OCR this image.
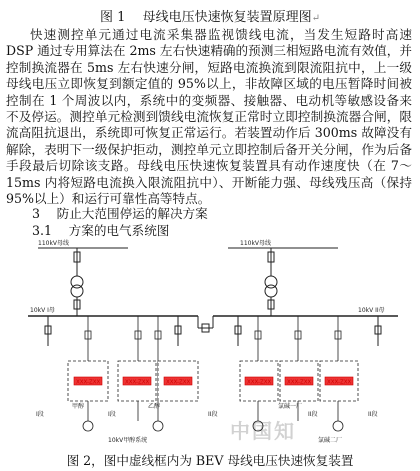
图 1　 母线电压快速恢复装置原理图↵

快速测控单元通过电流采集器监视馈线电流，当发生短路时高速 DSP 通过专用算法在 2ms 左右快速精确的预测三相短路电流有效值，并控制换流器在 5ms 左右快速分闸，短路电流换流到限流阻抗中，上一级母线电压立即恢复到额定值的 95%以上，非故障区域的电压暂降时间被控制在 1 个周波以内，系统中的变频器、接触器、电动机等敏感设备来不及停运。测控单元检测到馈线电流恢复正常时立即控制换流器合闸，限流高阻抗退出，系统即可恢复正常运行。若装置动作后 300ms 故障没有解除，表明下一级保护拒动，测控单元立即控制后备开关分闸，作为后备手段最后切除该支路。母线电压快速恢复装置具有动作速度快（在 7～15ms 内将短路电流换入限流阻抗中）、开断能力强、母线残压高（保持 95%以上）和运行可靠性高等特点。

3　 防止大范围停运的解决方案
3.1　 方案的电气系统图
XXX-ZXX	XXX-ZXX	XXX-ZXX	XXX-ZXX	XXX-ZXX	XXX-ZXX
110kV母线	110kV母线
10kV I母	10kV II母
I段	I段	II段	II段	II段
甲醇
10kV甲醇系统
乙醇	氯碱一厂
氯碱二厂
中国知
图 2，图中虚线框内为 BEV 母线电压快速恢复装置
